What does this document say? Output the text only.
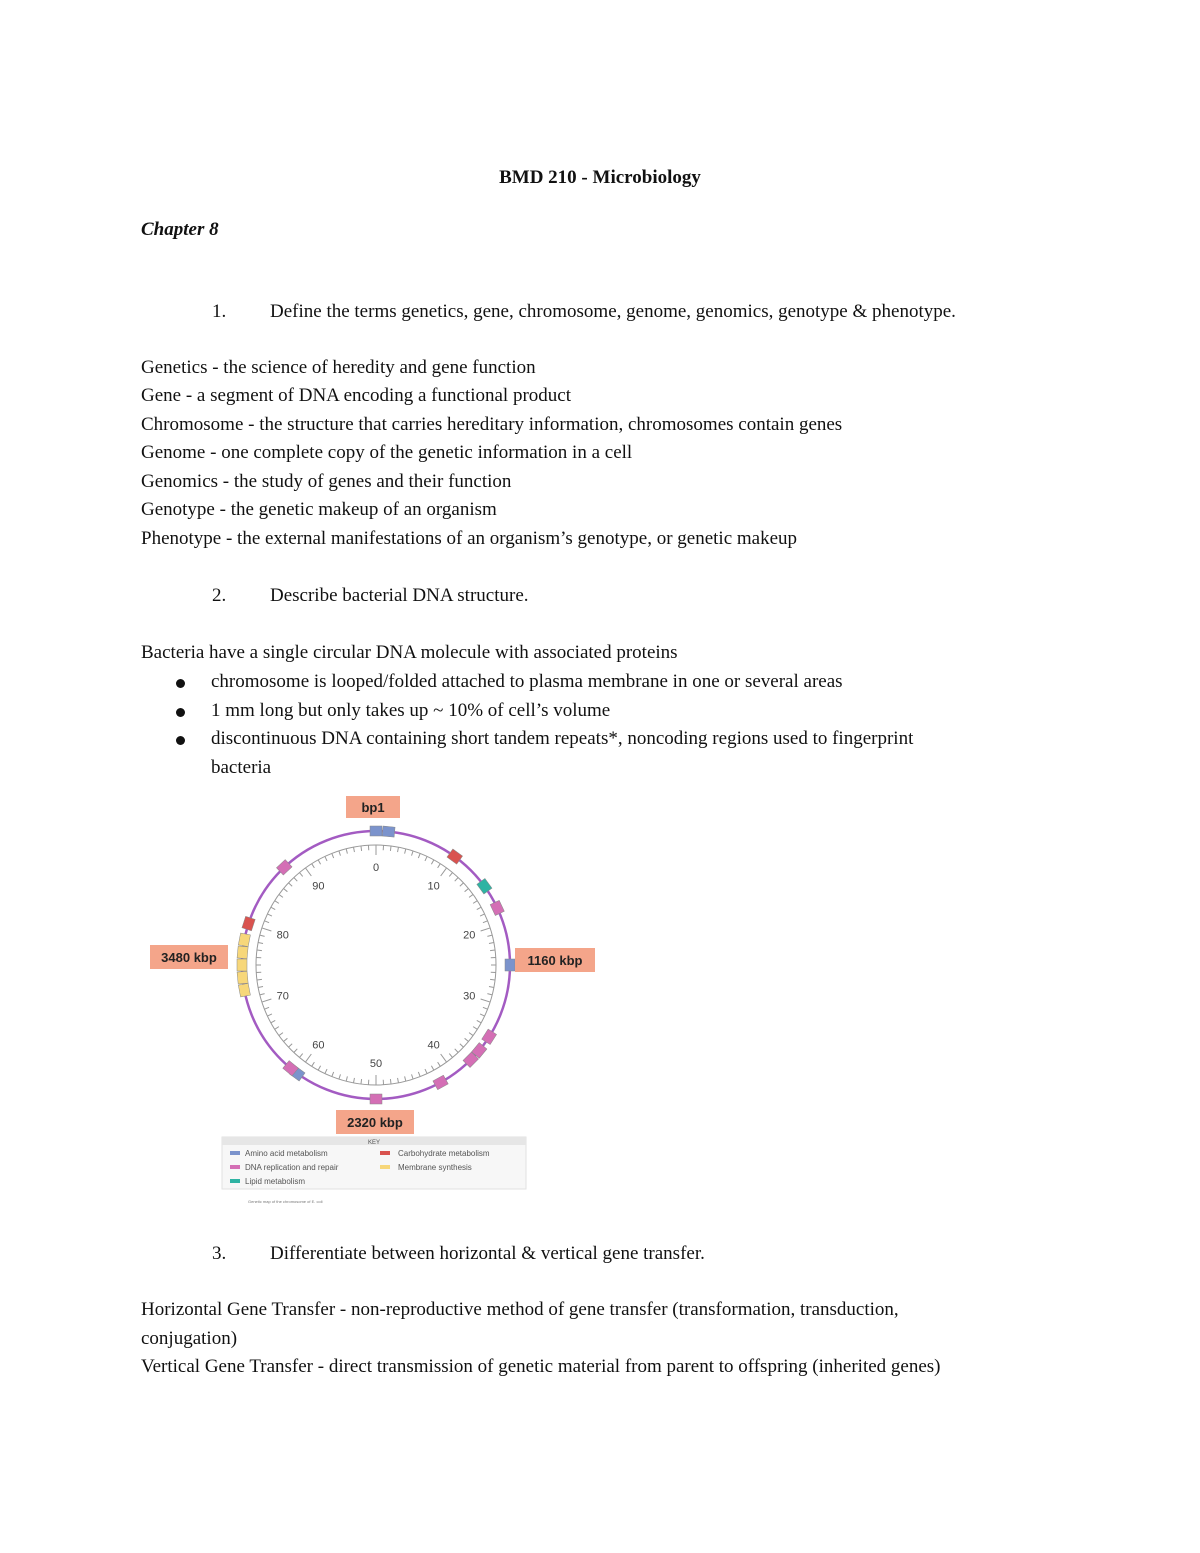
BMD 210 - Microbiology
Chapter 8
1. Define the terms genetics, gene, chromosome, genome, genomics, genotype & phenotype.
Genetics - the science of heredity and gene function
Gene - a segment of DNA encoding a functional product
Chromosome - the structure that carries hereditary information, chromosomes contain genes
Genome - one complete copy of the genetic information in a cell
Genomics - the study of genes and their function
Genotype - the genetic makeup of an organism
Phenotype - the external manifestations of an organism’s genotype, or genetic makeup
2. Describe bacterial DNA structure.
Bacteria have a single circular DNA molecule with associated proteins
chromosome is looped/folded attached to plasma membrane in one or several areas
1 mm long but only takes up ~ 10% of cell’s volume
discontinuous DNA containing short tandem repeats*, noncoding regions used to fingerprint
bacteria
0
10
20
30
40
50
60
70
80
90
bp1
1160 kbp
3480 kbp
2320 kbp
KEY
Amino acid metabolism	Carbohydrate metabolism
DNA replication and repair	Membrane synthesis
Lipid metabolism
Genetic map of the chromosome of E. coli
3. Differentiate between horizontal & vertical gene transfer.
Horizontal Gene Transfer - non-reproductive method of gene transfer (transformation, transduction,
conjugation)
Vertical Gene Transfer - direct transmission of genetic material from parent to offspring (inherited genes)
